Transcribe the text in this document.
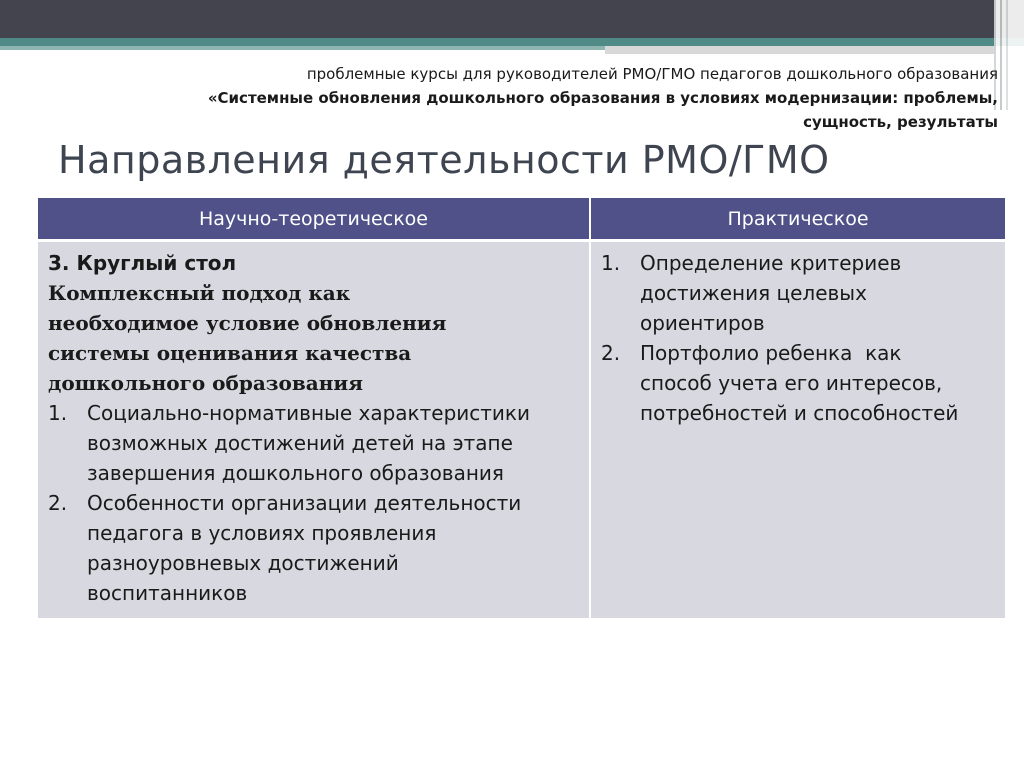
проблемные курсы для руководителей РМО/ГМО педагогов дошкольного образования
«Системные обновления дошкольного образования в условиях модернизации: проблемы,
сущность, результаты
Направления деятельности РМО/ГМО
Научно-теоретическое	Практическое
3. Круглый стол
Комплексный подход как
необходимое условие обновления
системы оценивания качества
дошкольного образования
1. Социально-нормативные характеристики
возможных достижений детей на этапе
завершения дошкольного образования
2. Особенности организации деятельности
педагога в условиях проявления
разноуровневых достижений
воспитанников
1. Определение критериев
достижения целевых
ориентиров
2. Портфолио ребенка  как
способ учета его интересов,
потребностей и способностей
